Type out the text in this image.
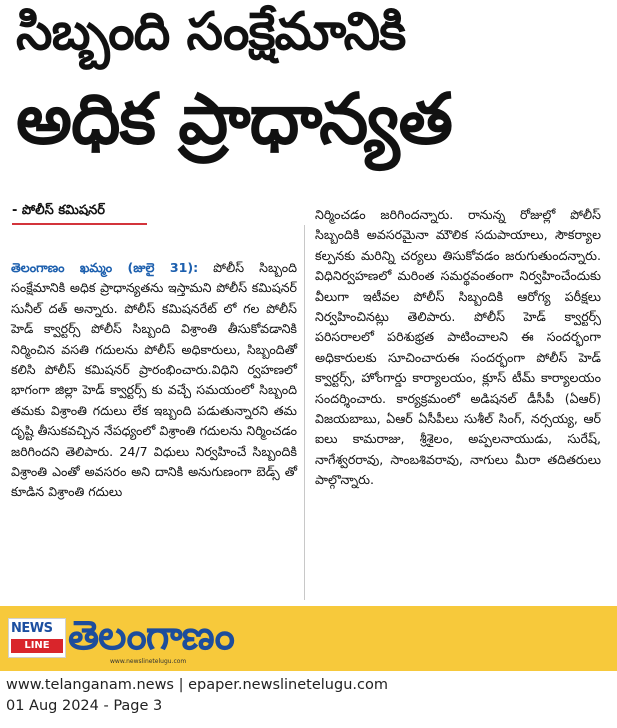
సిబ్బంది సంక్షేమానికి
అధిక ప్రాధాన్యత
- పోలీస్ కమిషనర్

తెలంగాణం ఖమ్మం (జులై 31): పోలీస్ సిబ్బంది సంక్షేమానికి అధిక ప్రాధాన్యతను ఇస్తామని పోలీస్ కమిషనర్ సునీల్ దత్ అన్నారు. పోలీస్ కమిషనరేట్ లో గల పోలీస్ హెడ్ క్వార్టర్స్ పోలీస్ సిబ్బంది విశ్రాంతి తీసుకోవడానికి నిర్మించిన వసతి గదులను పోలీస్ అధికారులు, సిబ్బందితో కలిసి పోలీస్ కమిషనర్ ప్రారంభించారు.విధిని ర్వహణలో భాగంగా జిల్లా హెడ్ క్వార్టర్స్ కు వచ్చే సమయంలో సిబ్బంది తమకు విశ్రాంతి గదులు లేక ఇబ్బంది పడుతున్నారని తమ దృష్టి తీసుకవచ్చిన నేపధ్యంలో విశ్రాంతి గదులను నిర్మించడం జరిగిందని తెలిపారు. 24/7 విధులు నిర్వహించే సిబ్బందికి విశ్రాంతి ఎంతో అవసరం అని దానికి అనుగుణంగా బెడ్స్ తో కూడిన విశ్రాంతి గదులు

నిర్మించడం జరిగిందన్నారు. రానున్న రోజుల్లో పోలీస్ సిబ్బందికి అవసరమైనా మౌలిక సదుపాయాలు, సౌకర్యాల కల్పనకు మరిన్ని చర్యలు తిసుకోవడం జరుగుతుందన్నారు. విధినిర్వహణలో మరింత సమర్థవంతంగా నిర్వహించేందుకు వీలుగా ఇటీవల పోలీస్ సిబ్బందికి ఆరోగ్య పరీక్షలు నిర్వహించినట్లు తెలిపారు. పోలీస్ హెడ్ క్వార్టర్స్ పరిసరాలలో పరిశుభ్రత పాటించాలని ఈ సందర్భంగా అధికారులకు సూచించారుఈ సందర్భంగా పోలీస్ హెడ్ క్వార్టర్స్, హోంగార్డు కార్యాలయం, క్లూస్ టీమ్ కార్యాలయం సందర్శించారు. కార్యక్రమంలో అడిషనల్ డీసీపీ (ఏఆర్) విజయబాబు, ఏఆర్ ఏసీపీలు సుశీల్ సింగ్, నర్సయ్య, ఆర్ ఐలు కామరాజు, శ్రీశైలం, అప్పలనాయుడు, సురేష్, నాగేశ్వరరావు, సాంబశివరావు, నాగులు మీరా తదితరులు పాల్గొన్నారు.

NEWS
LINE తెలంగాణం
www.newslinetelugu.com
www.telanganam.news | epaper.newslinetelugu.com
01 Aug 2024 - Page 3
